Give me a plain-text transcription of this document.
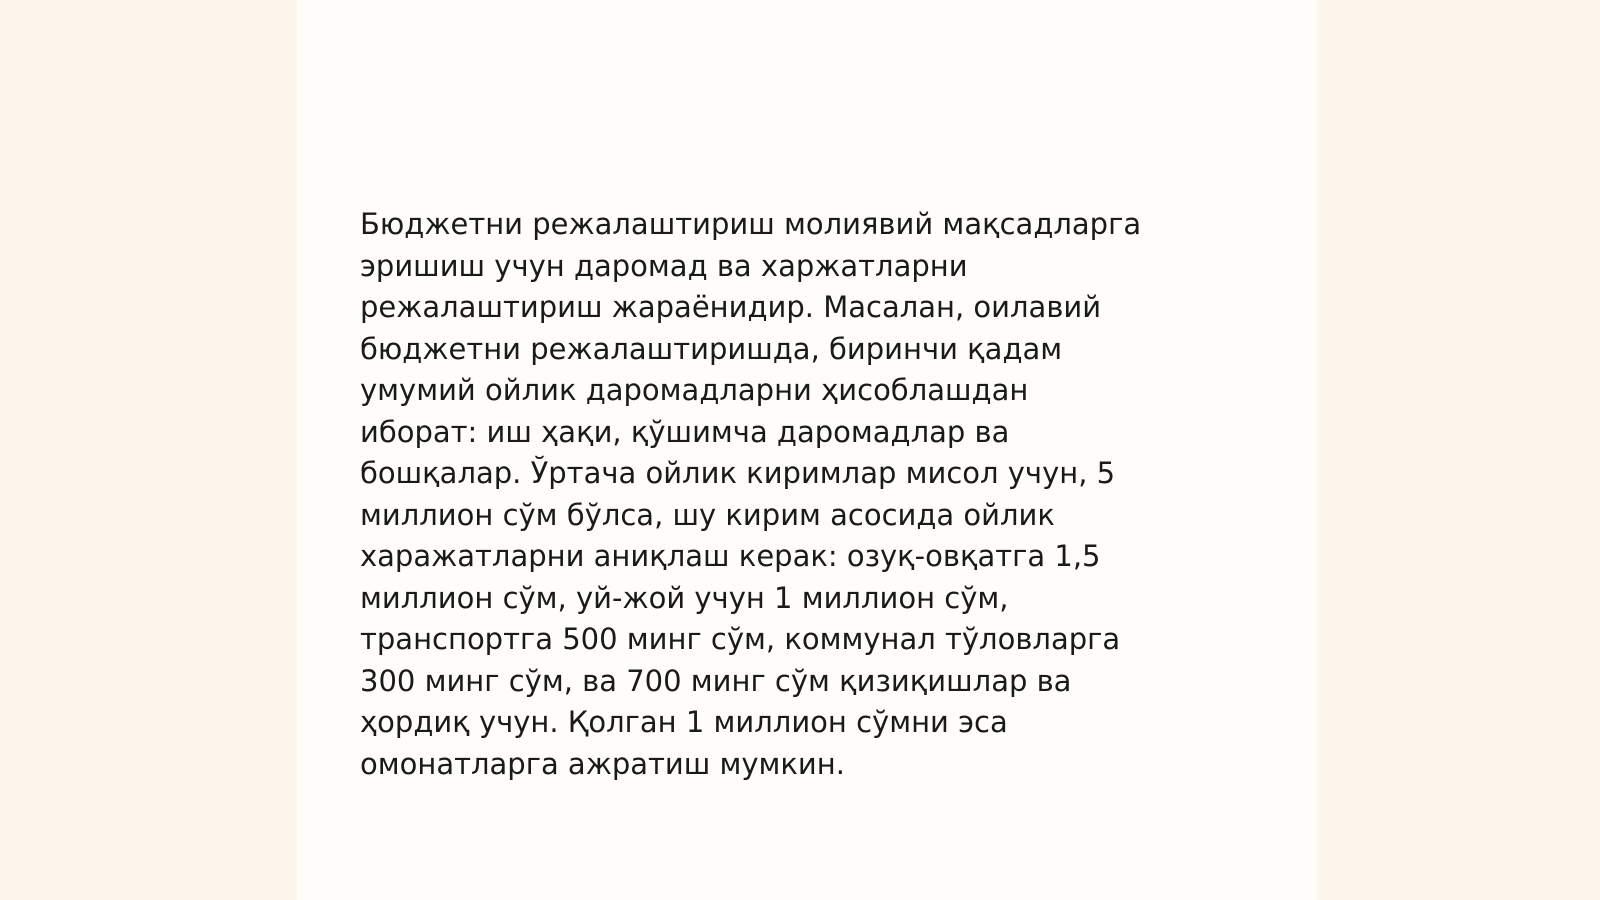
Бюджетни режалаштириш молиявий мақсадларга
эришиш учун даромад ва харжатларни
режалаштириш жараёнидир. Масалан, оилавий
бюджетни режалаштиришда, биринчи қадам
умумий ойлик даромадларни ҳисоблашдан
иборат: иш ҳақи, қўшимча даромадлар ва
бошқалар. Ўртача ойлик киримлар мисол учун, 5
миллион сўм бўлса, шу кирим асосида ойлик
харажатларни аниқлаш керак: озуқ-овқатга 1,5
миллион сўм, уй-жой учун 1 миллион сўм,
транспортга 500 минг сўм, коммунал тўловларга
300 минг сўм, ва 700 минг сўм қизиқишлар ва
ҳордиқ учун. Қолган 1 миллион сўмни эса
омонатларга ажратиш мумкин.
